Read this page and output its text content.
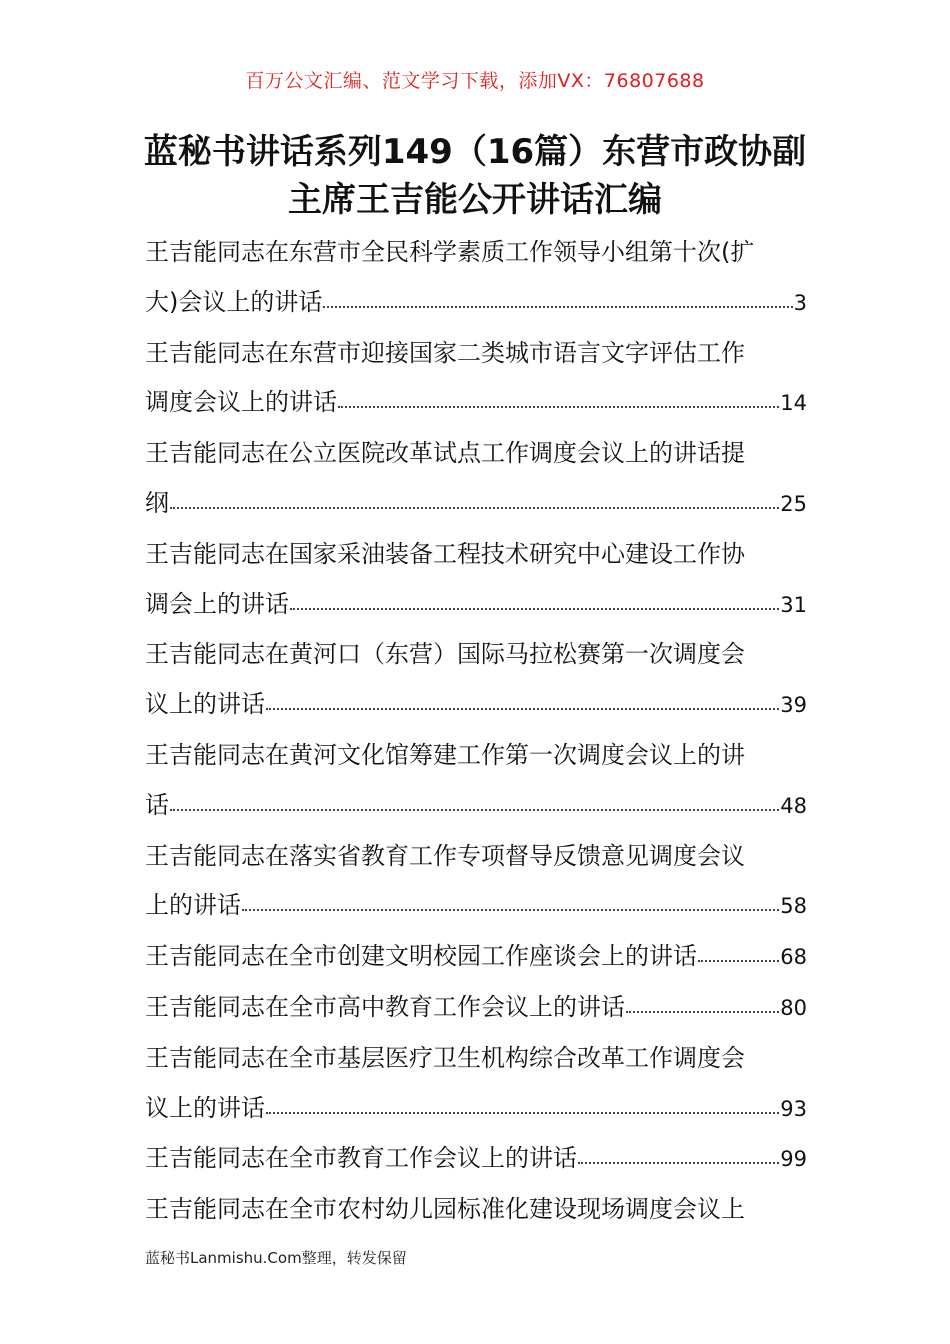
百万公文汇编、范文学习下载，添加VX：76807688
蓝秘书讲话系列149（16篇）东营市政协副主席王吉能公开讲话汇编
王吉能同志在东营市全民科学素质工作领导小组第十次(扩
大)会议上的讲话	3
王吉能同志在东营市迎接国家二类城市语言文字评估工作
调度会议上的讲话	14
王吉能同志在公立医院改革试点工作调度会议上的讲话提
纲	25
王吉能同志在国家采油装备工程技术研究中心建设工作协
调会上的讲话	31
王吉能同志在黄河口（东营）国际马拉松赛第一次调度会
议上的讲话	39
王吉能同志在黄河文化馆筹建工作第一次调度会议上的讲
话	48
王吉能同志在落实省教育工作专项督导反馈意见调度会议
上的讲话	58
王吉能同志在全市创建文明校园工作座谈会上的讲话	68
王吉能同志在全市高中教育工作会议上的讲话	80
王吉能同志在全市基层医疗卫生机构综合改革工作调度会
议上的讲话	93
王吉能同志在全市教育工作会议上的讲话	99
王吉能同志在全市农村幼儿园标准化建设现场调度会议上
蓝秘书Lanmishu.Com整理，转发保留
